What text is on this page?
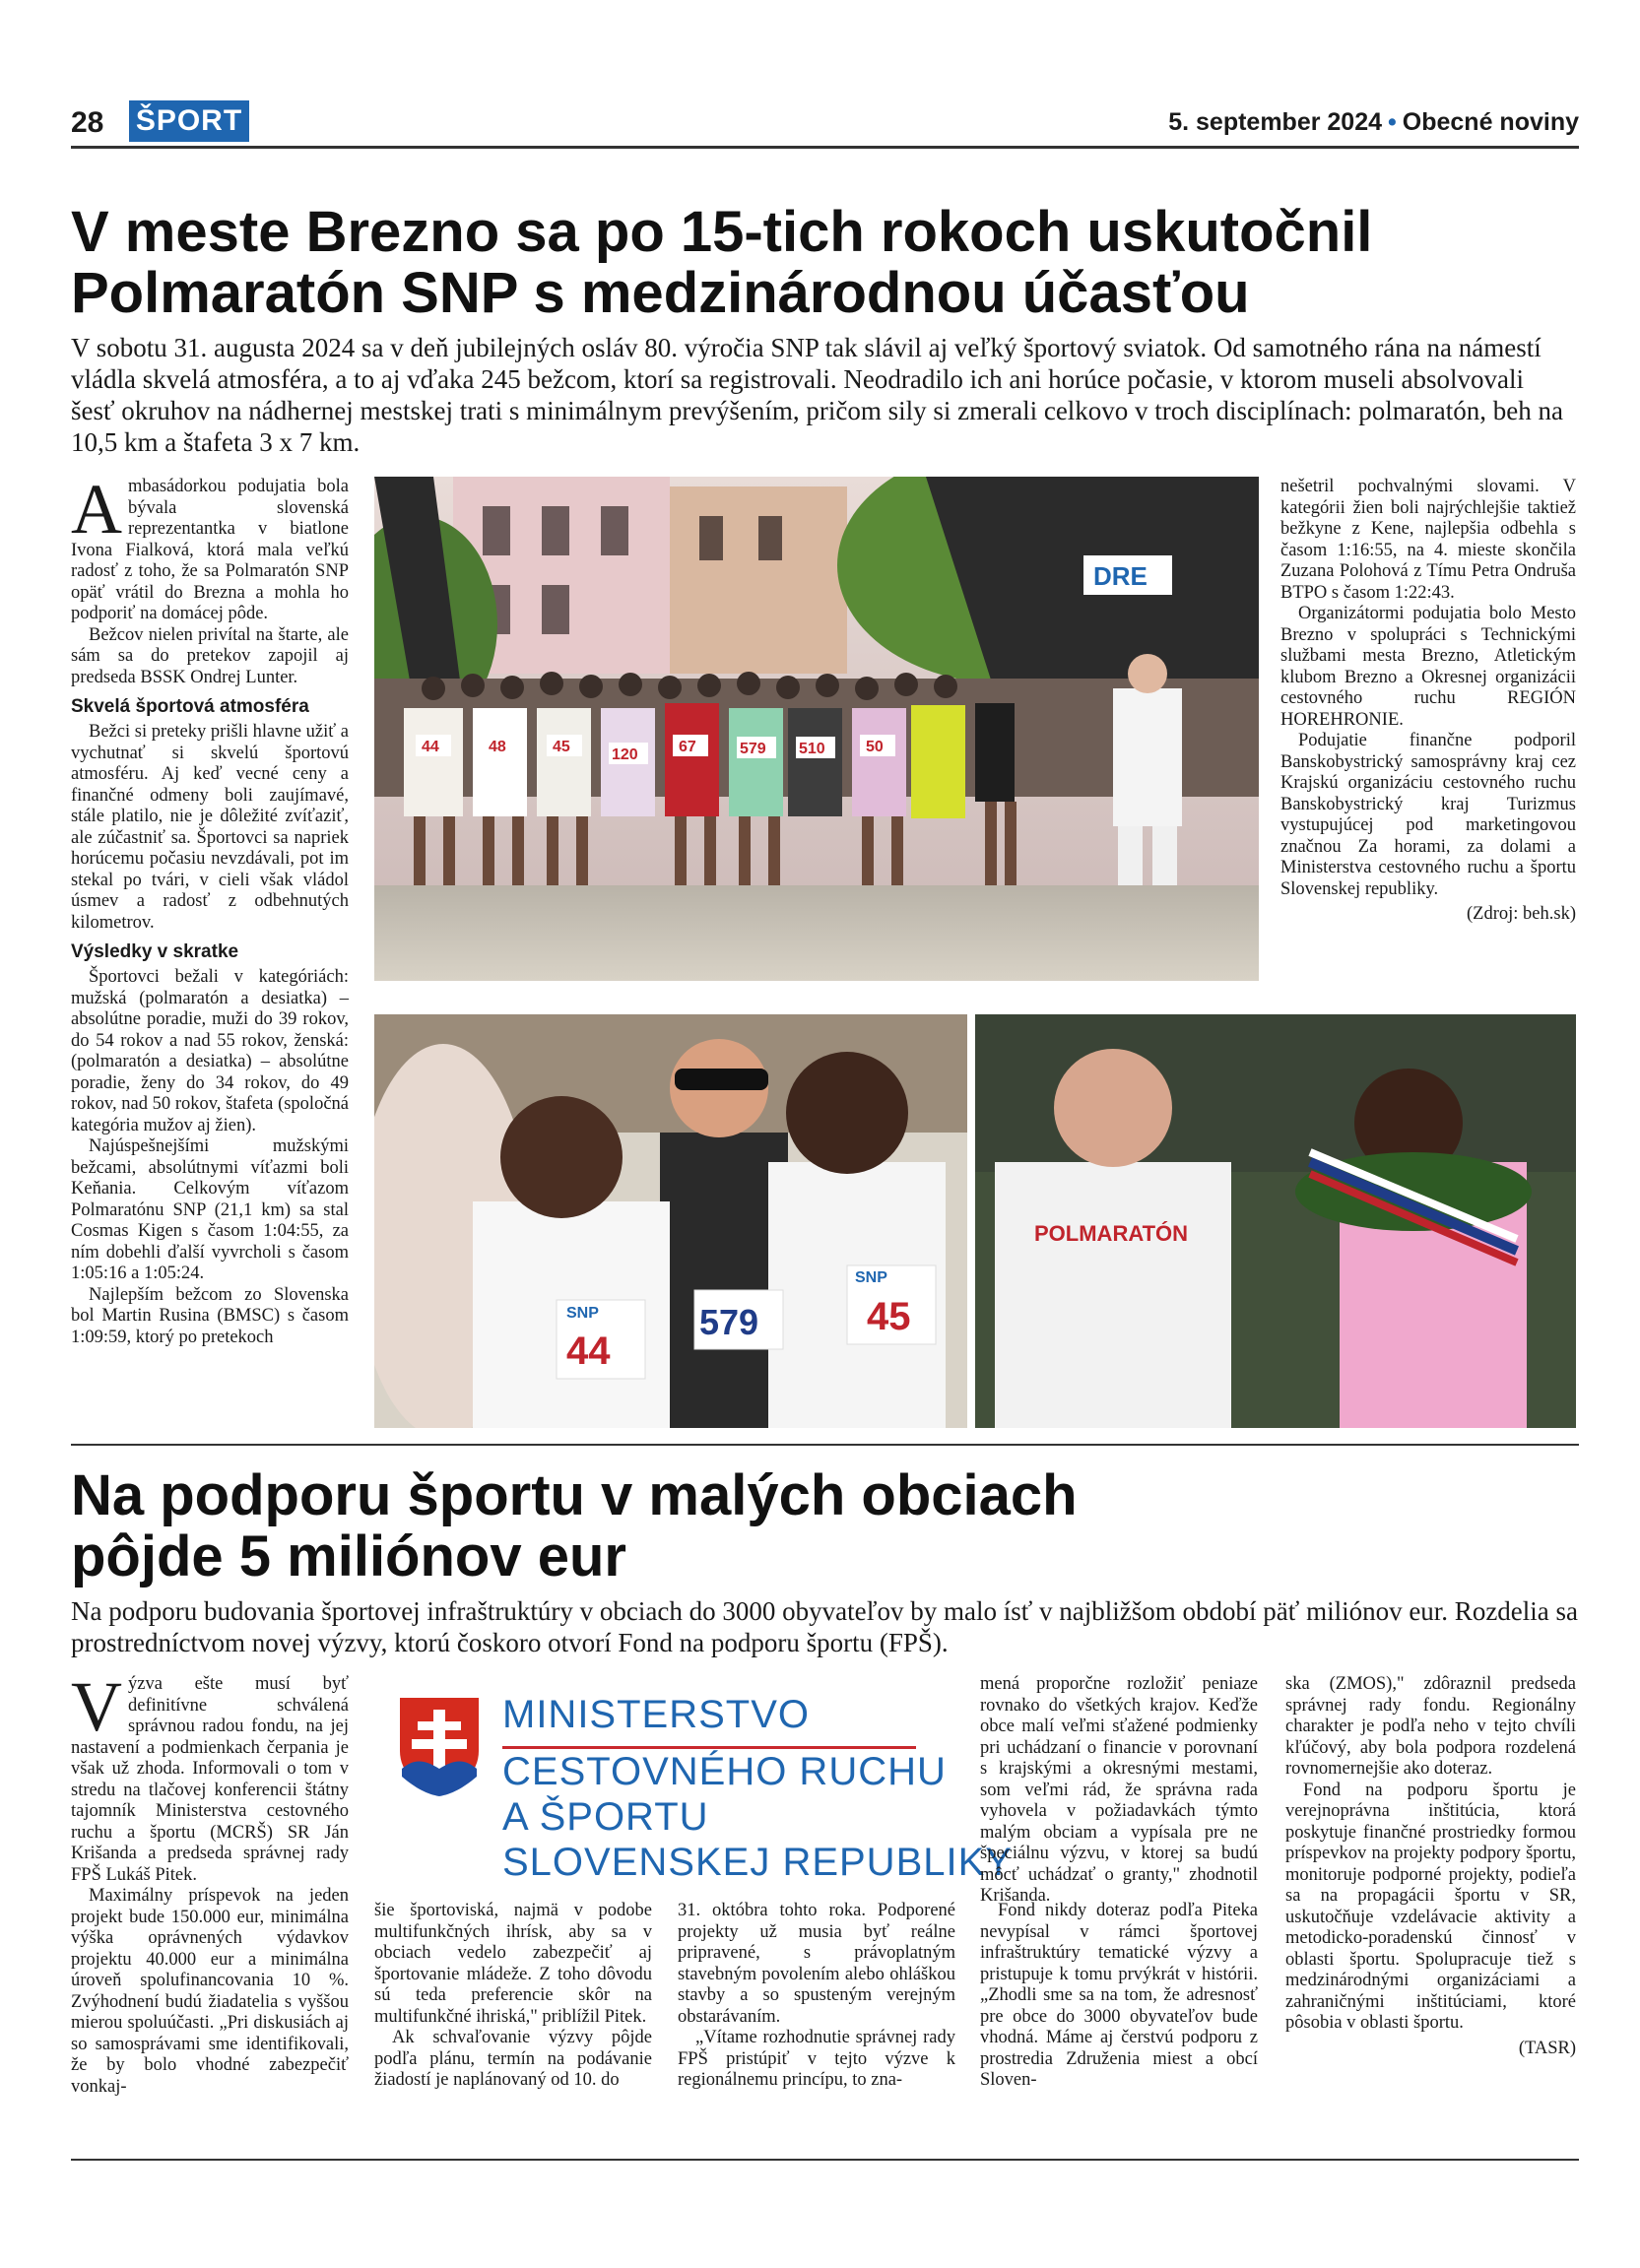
28 ŠPORT	5. september 2024 • Obecné noviny
V meste Brezno sa po 15-tich rokoch uskutočnil
Polmaratón SNP s medzinárodnou účasťou

V sobotu 31. augusta 2024 sa v deň jubilejných osláv 80. výročia SNP tak slávil aj veľký športový sviatok. Od samotného rána na námestí vládla skvelá atmosféra, a to aj vďaka 245 bežcom, ktorí sa registrovali. Neodradilo ich ani horúce počasie, v ktorom museli absolvovali šesť okruhov na nádhernej mestskej trati s minimálnym prevýšením, pričom sily si zmerali celkovo v troch disciplínach: polmaratón, beh na 10,5 km a štafeta 3 x 7 km.

Ambasádorkou podujatia bola bývala slovenská reprezentantka v biatlone Ivona Fialková, ktorá mala veľkú radosť z toho, že sa Polmaratón SNP opäť vrátil do Brezna a mohla ho podporiť na domácej pôde.

Bežcov nielen privítal na štarte, ale sám sa do pretekov zapojil aj predseda BSSK Ondrej Lunter.

Skvelá športová atmosféra

Bežci si preteky prišli hlavne užiť a vychutnať si skvelú športovú atmosféru. Aj keď vecné ceny a finančné odmeny boli zaujímavé, stále platilo, nie je dôležité zvíťaziť, ale zúčastniť sa. Športovci sa napriek horúcemu počasiu nevzdávali, pot im stekal po tvári, v cieli však vládol úsmev a radosť z odbehnutých kilometrov.

Výsledky v skratke

Športovci bežali v kategóriách: mužská (polmaratón a desiatka) – absolútne poradie, muži do 39 rokov, do 54 rokov a nad 55 rokov, ženská: (polmaratón a desiatka) – absolútne poradie, ženy do 34 rokov, do 49 rokov, nad 50 rokov, štafeta (spoločná kategória mužov aj žien).

Najúspešnejšími mužskými bežcami, absolútnymi víťazmi boli Keňania. Celkovým víťazom Polmaratónu SNP (21,1 km) sa stal Cosmas Kigen s časom 1:04:55, za ním dobehli ďalší vyvrcholi s časom 1:05:16 a 1:05:24.

Najlepším bežcom zo Slovenska bol Martin Rusina (BMSC) s časom 1:09:59, ktorý po pretekoch

DRE
44	48	45	120	67	579 510	50

nešetril pochvalnými slovami. V kategórii žien boli najrýchlejšie taktiež bežkyne z Kene, najlepšia odbehla s časom 1:16:55, na 4. mieste skončila Zuzana Polohová z Tímu Petra Ondruša BTPO s časom 1:22:43.

Organizátormi podujatia bolo Mesto Brezno v spolupráci s Technickými službami mesta Brezno, Atletickým klubom Brezno a Okresnej organizácii cestovného ruchu REGIÓN HOREHRONIE.

Podujatie finančne podporil Banskobystrický samosprávny kraj cez Krajskú organizáciu cestovného ruchu Banskobystrický kraj Turizmus vystupujúcej pod marketingovou značnou Za horami, za dolami a Ministerstva cestovného ruchu a športu Slovenskej republiky.

(Zdroj: beh.sk)
SNP
44
579
SNP
45
POLMARATÓN
Na podporu športu v malých obciach
pôjde 5 miliónov eur

Na podporu budovania športovej infraštruktúry v obciach do 3000 obyvateľov by malo ísť v najbližšom období päť miliónov eur. Rozdelia sa prostredníctvom novej výzvy, ktorú čoskoro otvorí Fond na podporu športu (FPŠ).

Výzva ešte musí byť definitívne schválená správnou radou fondu, na jej nastavení a podmienkach čerpania je však už zhoda. Informovali o tom v stredu na tlačovej konferencii štátny tajomník Ministerstva cestovného ruchu a športu (MCRŠ) SR Ján Krišanda a predseda správnej rady FPŠ Lukáš Pitek.

Maximálny príspevok na jeden projekt bude 150.000 eur, minimálna výška oprávnených výdavkov projektu 40.000 eur a minimálna úroveň spolufinancovania 10 %. Zvýhodnení budú žiadatelia s vyššou mierou spoluúčasti. „Pri diskusiách aj so samosprávami sme identifikovali, že by bolo vhodné zabezpečiť vonkaj-

MINISTERSTVO
CESTOVNÉHO RUCHU
A ŠPORTU
SLOVENSKEJ REPUBLIKY

šie športoviská, najmä v podobe multifunkčných ihrísk, aby sa v obciach vedelo zabezpečiť aj športovanie mládeže. Z toho dôvodu sú teda preferencie skôr na multifunkčné ihriská," priblížil Pitek.

Ak schvaľovanie výzvy pôjde podľa plánu, termín na podávanie žiadostí je naplánovaný od 10. do

mená proporčne rozložiť peniaze rovnako do všetkých krajov. Keďže obce malí veľmi sťažené podmienky pri uchádzaní o financie v porovnaní s krajskými a okresnými mestami, som veľmi rád, že správna rada vyhovela v požiadavkách týmto malým obciam a vypísala pre ne špeciálnu výzvu, v ktorej sa budú môcť uchádzať o granty," zhodnotil Krišanda.

31. októbra tohto roka. Podporené projekty už musia byť reálne pripravené, s právoplatným stavebným povolením alebo ohláškou stavby a so spusteným verejným obstarávaním.

„Vítame rozhodnutie správnej rady FPŠ pristúpiť v tejto výzve k regionálnemu princípu, to zna-

Fond nikdy doteraz podľa Piteka nevypísal v rámci športovej infraštruktúry tematické výzvy a pristupuje k tomu prvýkrát v histórii. „Zhodli sme sa na tom, že adresnosť pre obce do 3000 obyvateľov bude vhodná. Máme aj čerstvú podporu z prostredia Združenia miest a obcí Sloven-

ska (ZMOS)," zdôraznil predseda správnej rady fondu. Regionálny charakter je podľa neho v tejto chvíli kľúčový, aby bola podpora rozdelená rovnomernejšie ako doteraz.

Fond na podporu športu je verejnoprávna inštitúcia, ktorá poskytuje finančné prostriedky formou príspevkov na projekty podpory športu, monitoruje podporné projekty, podieľa sa na propagácii športu v SR, uskutočňuje vzdelávacie aktivity a metodicko-poradenskú činnosť v oblasti športu. Spolupracuje tiež s medzinárodnými organizáciami a zahraničnými inštitúciami, ktoré pôsobia v oblasti športu.

(TASR)
